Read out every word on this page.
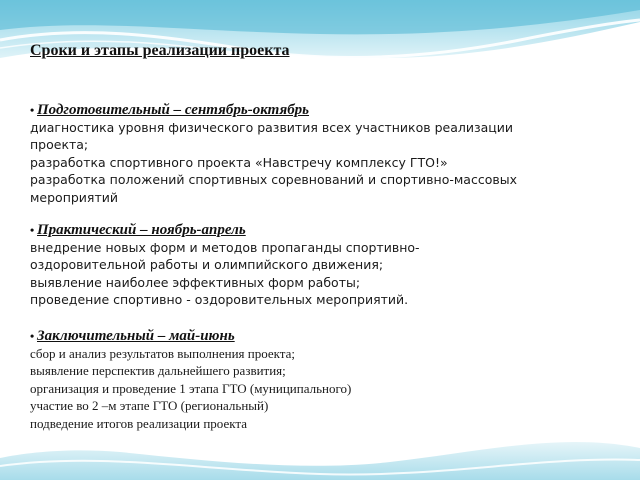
Сроки и этапы реализации проекта
• Подготовительный – сентябрь-октябрь
диагностика уровня физического развития всех участников реализации
проекта;
разработка спортивного проекта «Навстречу комплексу ГТО!»
разработка положений спортивных соревнований и спортивно-массовых
мероприятий
• Практический – ноябрь-апрель
внедрение новых форм и методов пропаганды спортивно-
оздоровительной работы и олимпийского движения;
выявление наиболее эффективных форм работы;
проведение спортивно - оздоровительных мероприятий.
• Заключительный – май-июнь
сбор и анализ результатов выполнения проекта;
выявление перспектив дальнейшего развития;
организация и проведение 1 этапа ГТО (муниципального)
участие во 2 –м этапе ГТО (региональный)
подведение итогов реализации проекта
